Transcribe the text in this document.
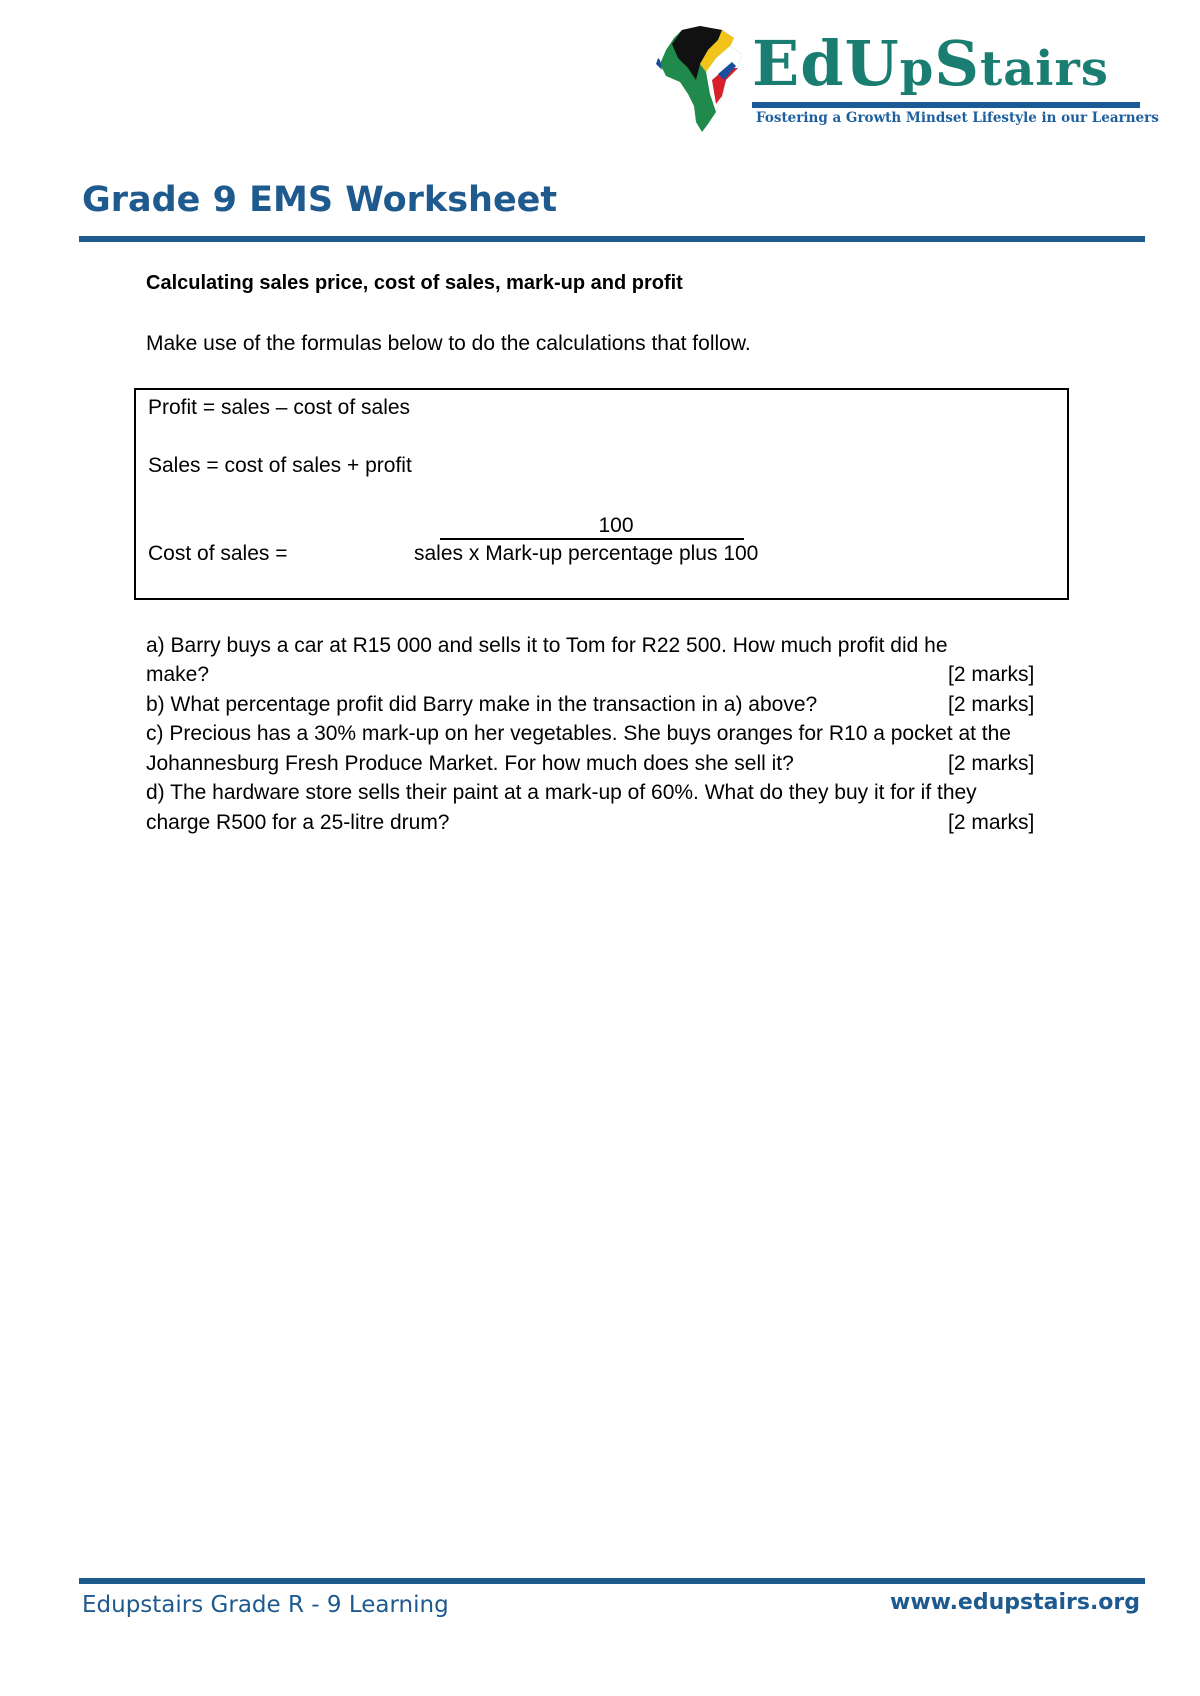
EdUpStairs
Fostering a Growth Mindset Lifestyle in our Learners
Grade 9 EMS Worksheet
Calculating sales price, cost of sales, mark-up and profit
Make use of the formulas below to do the calculations that follow.
Profit = sales – cost of sales
Sales = cost of sales + profit
Cost of sales =
100
sales x Mark-up percentage plus 100
a) Barry buys a car at R15 000 and sells it to Tom for R22 500. How much profit did he
make?	[2 marks]
b) What percentage profit did Barry make in the transaction in a) above?	[2 marks]
c) Precious has a 30% mark-up on her vegetables. She buys oranges for R10 a pocket at the
Johannesburg Fresh Produce Market. For how much does she sell it?	[2 marks]
d) The hardware store sells their paint at a mark-up of 60%. What do they buy it for if they
charge R500 for a 25-litre drum?	[2 marks]
Edupstairs Grade R - 9 Learning	www.edupstairs.org
